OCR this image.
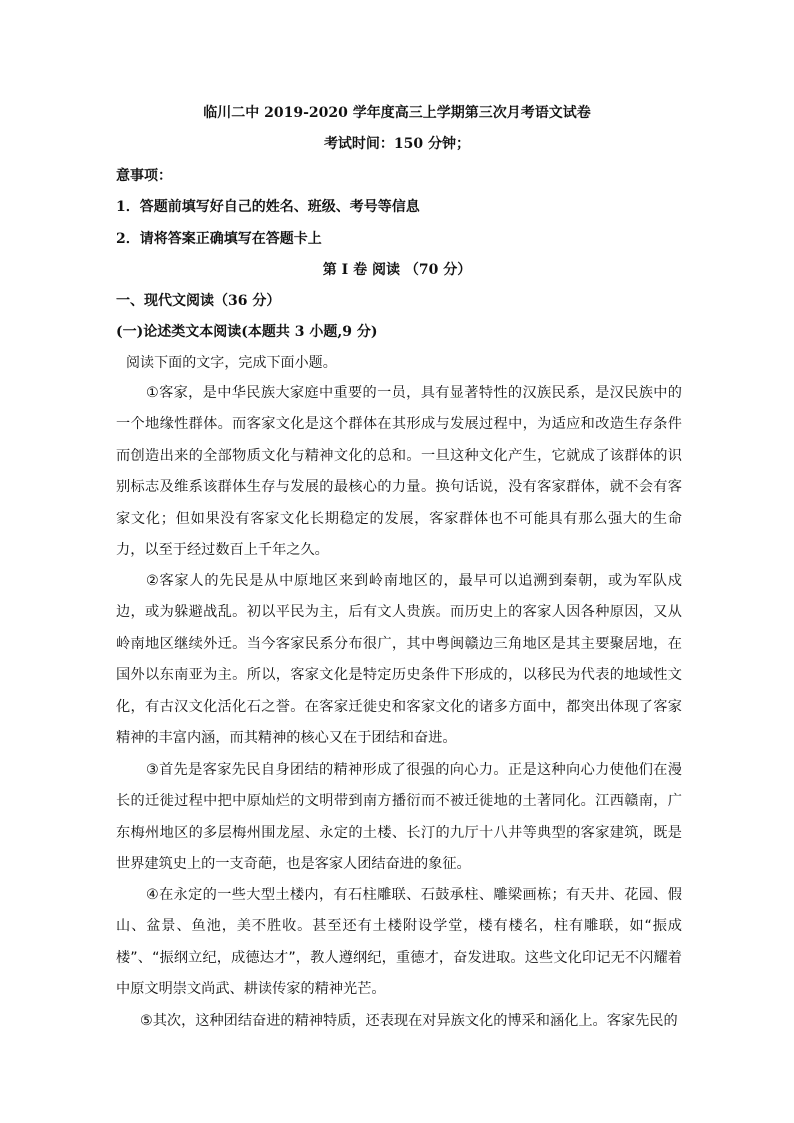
临川二中 2019-2020 学年度高三上学期第三次月考语文试卷
考试时间：150 分钟；
意事项：
1．答题前填写好自己的姓名、班级、考号等信息
2．请将答案正确填写在答题卡上
第 I 卷 阅读 （70 分）
一、现代文阅读（36 分）
(一)论述类文本阅读(本题共 3 小题,9 分)
阅读下面的文字，完成下面小题。

①客家，是中华民族大家庭中重要的一员，具有显著特性的汉族民系，是汉民族中的一个地缘性群体。而客家文化是这个群体在其形成与发展过程中，为适应和改造生存条件而创造出来的全部物质文化与精神文化的总和。一旦这种文化产生，它就成了该群体的识别标志及维系该群体生存与发展的最核心的力量。换句话说，没有客家群体，就不会有客家文化；但如果没有客家文化长期稳定的发展，客家群体也不可能具有那么强大的生命力，以至于经过数百上千年之久。

②客家人的先民是从中原地区来到岭南地区的，最早可以追溯到秦朝，或为军队戍边，或为躲避战乱。初以平民为主，后有文人贵族。而历史上的客家人因各种原因，又从岭南地区继续外迁。当今客家民系分布很广，其中粤闽赣边三角地区是其主要聚居地，在国外以东南亚为主。所以，客家文化是特定历史条件下形成的，以移民为代表的地域性文化，有古汉文化活化石之誉。在客家迁徙史和客家文化的诸多方面中，都突出体现了客家精神的丰富内涵，而其精神的核心又在于团结和奋进。

③首先是客家先民自身团结的精神形成了很强的向心力。正是这种向心力使他们在漫长的迁徙过程中把中原灿烂的文明带到南方播衍而不被迁徙地的土著同化。江西赣南，广东梅州地区的多层梅州围龙屋、永定的土楼、长汀的九厅十八井等典型的客家建筑，既是世界建筑史上的一支奇葩，也是客家人团结奋进的象征。

④在永定的一些大型土楼内，有石柱雕联、石鼓承柱、雕梁画栋；有天井、花园、假山、盆景、鱼池，美不胜收。甚至还有土楼附设学堂，楼有楼名，柱有雕联，如“振成楼”、“振纲立纪，成德达才”，教人遵纲纪，重德才，奋发进取。这些文化印记无不闪耀着中原文明崇文尚武、耕读传家的精神光芒。

⑤其次，这种团结奋进的精神特质，还表现在对异族文化的博采和涵化上。客家先民的
